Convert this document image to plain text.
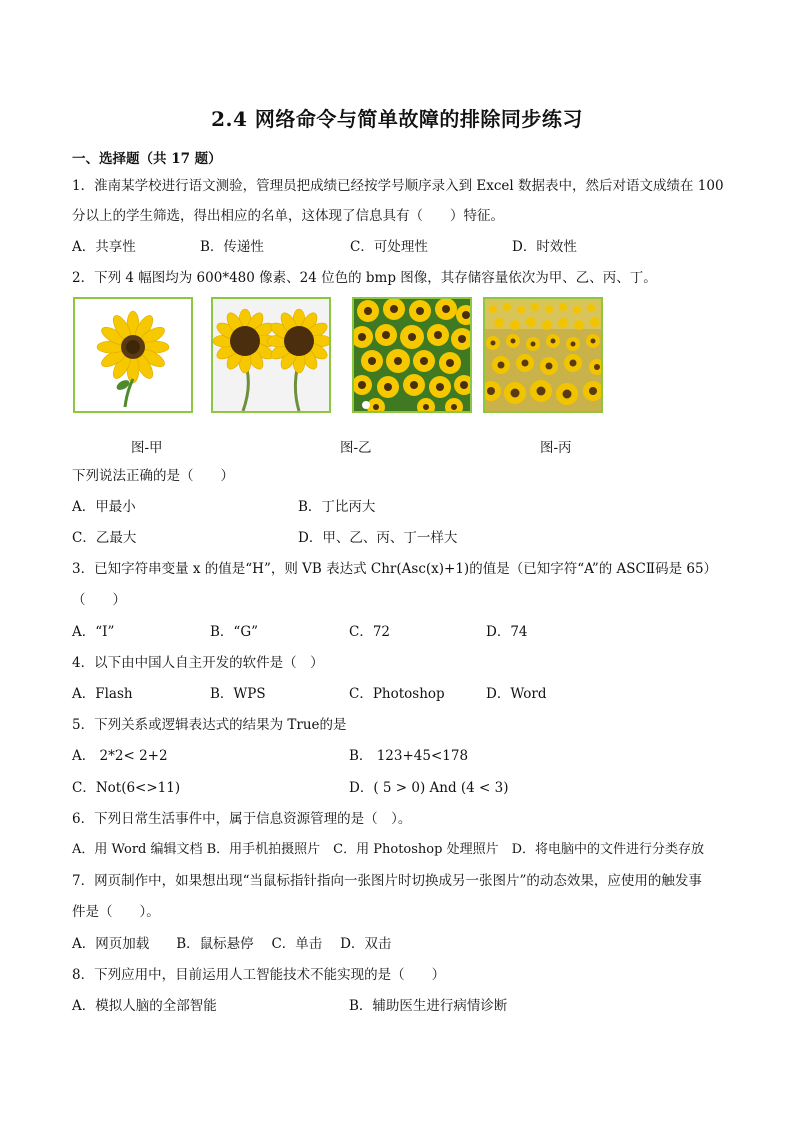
2.4 网络命令与简单故障的排除同步练习
一、选择题（共 17 题）
1．淮南某学校进行语文测验，管理员把成绩已经按学号顺序录入到 Excel 数据表中，然后对语文成绩在 100
分以上的学生筛选，得出相应的名单，这体现了信息具有（　　）特征。
A．共享性	B．传递性	C．可处理性	D．时效性
2．下列 4 幅图均为 600*480 像素、24 位色的 bmp 图像，其存储容量依次为甲、乙、丙、丁。
图-甲	图-乙	图-丙
下列说法正确的是（　　）
A．甲最小	B．丁比丙大
C．乙最大	D．甲、乙、丙、丁一样大
3．已知字符串变量 x 的值是“H”，则 VB 表达式 Chr(Asc(x)+1)的值是（已知字符“A”的 ASCⅡ码是 65）
（　　）
A．“I”	B．“G”	C．72	D．74
4．以下由中国人自主开发的软件是（　）
A．Flash	B．WPS	C．Photoshop	D．Word
5．下列关系或逻辑表达式的结果为 True的是
A． 2*2< 2+2	B． 123+45<178
C．Not(6<>11)	D．( 5 > 0) And (4 < 3)
6．下列日常生活事件中，属于信息资源管理的是（　）。
A．用 Word 编辑文档 B．用手机拍摄照片　C．用 Photoshop 处理照片　D．将电脑中的文件进行分类存放
7．网页制作中，如果想出现“当鼠标指针指向一张图片时切换成另一张图片”的动态效果，应使用的触发事
件是（　　）。
A．网页加载　　B．鼠标悬停　 C．单击　 D．双击
8．下列应用中，目前运用人工智能技术不能实现的是（　　）
A．模拟人脑的全部智能	B．辅助医生进行病情诊断
